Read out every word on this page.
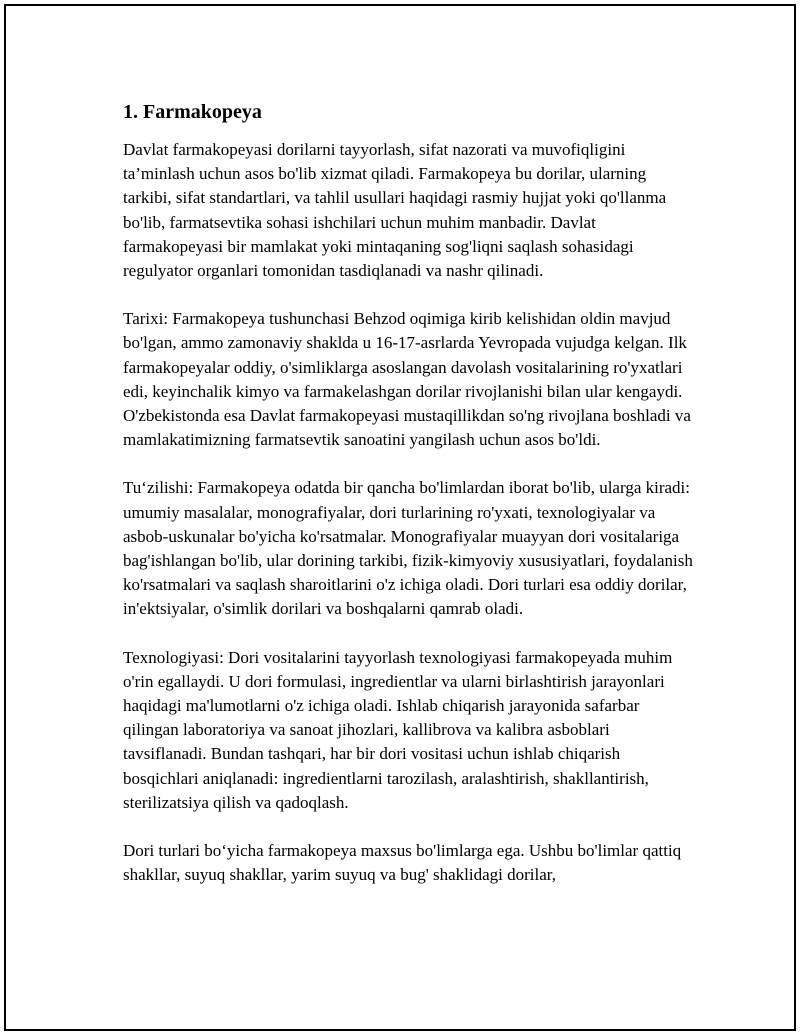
1. Farmakopeya

Davlat farmakopeyasi dorilarni tayyorlash, sifat nazorati va muvofiqligini ta’minlash uchun asos bo'lib xizmat qiladi. Farmakopeya bu dorilar, ularning tarkibi, sifat standartlari, va tahlil usullari haqidagi rasmiy hujjat yoki qo'llanma bo'lib, farmatsevtika sohasi ishchilari uchun muhim manbadir. Davlat farmakopeyasi bir mamlakat yoki mintaqaning sog'liqni saqlash sohasidagi regulyator organlari tomonidan tasdiqlanadi va nashr qilinadi.

Tarixi: Farmakopeya tushunchasi Behzod oqimiga kirib kelishidan oldin mavjud bo'lgan, ammo zamonaviy shaklda u 16-17-asrlarda Yevropada vujudga kelgan. Ilk farmakopeyalar oddiy, o'simliklarga asoslangan davolash vositalarining ro'yxatlari edi, keyinchalik kimyo va farmakelashgan dorilar rivojlanishi bilan ular kengaydi. O'zbekistonda esa Davlat farmakopeyasi mustaqillikdan so'ng rivojlana boshladi va mamlakatimizning farmatsevtik sanoatini yangilash uchun asos bo'ldi.

Tu‘zilishi: Farmakopeya odatda bir qancha bo'limlardan iborat bo'lib, ularga kiradi: umumiy masalalar, monografiyalar, dori turlarining ro'yxati, texnologiyalar va asbob-uskunalar bo'yicha ko'rsatmalar. Monografiyalar muayyan dori vositalariga bag'ishlangan bo'lib, ular dorining tarkibi, fizik-kimyoviy xususiyatlari, foydalanish ko'rsatmalari va saqlash sharoitlarini o'z ichiga oladi. Dori turlari esa oddiy dorilar, in'ektsiyalar, o'simlik dorilari va boshqalarni qamrab oladi.

Texnologiyasi: Dori vositalarini tayyorlash texnologiyasi farmakopeyada muhim o'rin egallaydi. U dori formulasi, ingredientlar va ularni birlashtirish jarayonlari haqidagi ma'lumotlarni o'z ichiga oladi. Ishlab chiqarish jarayonida safarbar qilingan laboratoriya va sanoat jihozlari, kallibrova va kalibra asboblari tavsiflanadi. Bundan tashqari, har bir dori vositasi uchun ishlab chiqarish bosqichlari aniqlanadi: ingredientlarni tarozilash, aralashtirish, shakllantirish, sterilizatsiya qilish va qadoqlash.

Dori turlari bo‘yicha farmakopeya maxsus bo'limlarga ega. Ushbu bo'limlar qattiq shakllar, suyuq shakllar, yarim suyuq va bug' shaklidagi dorilar,
